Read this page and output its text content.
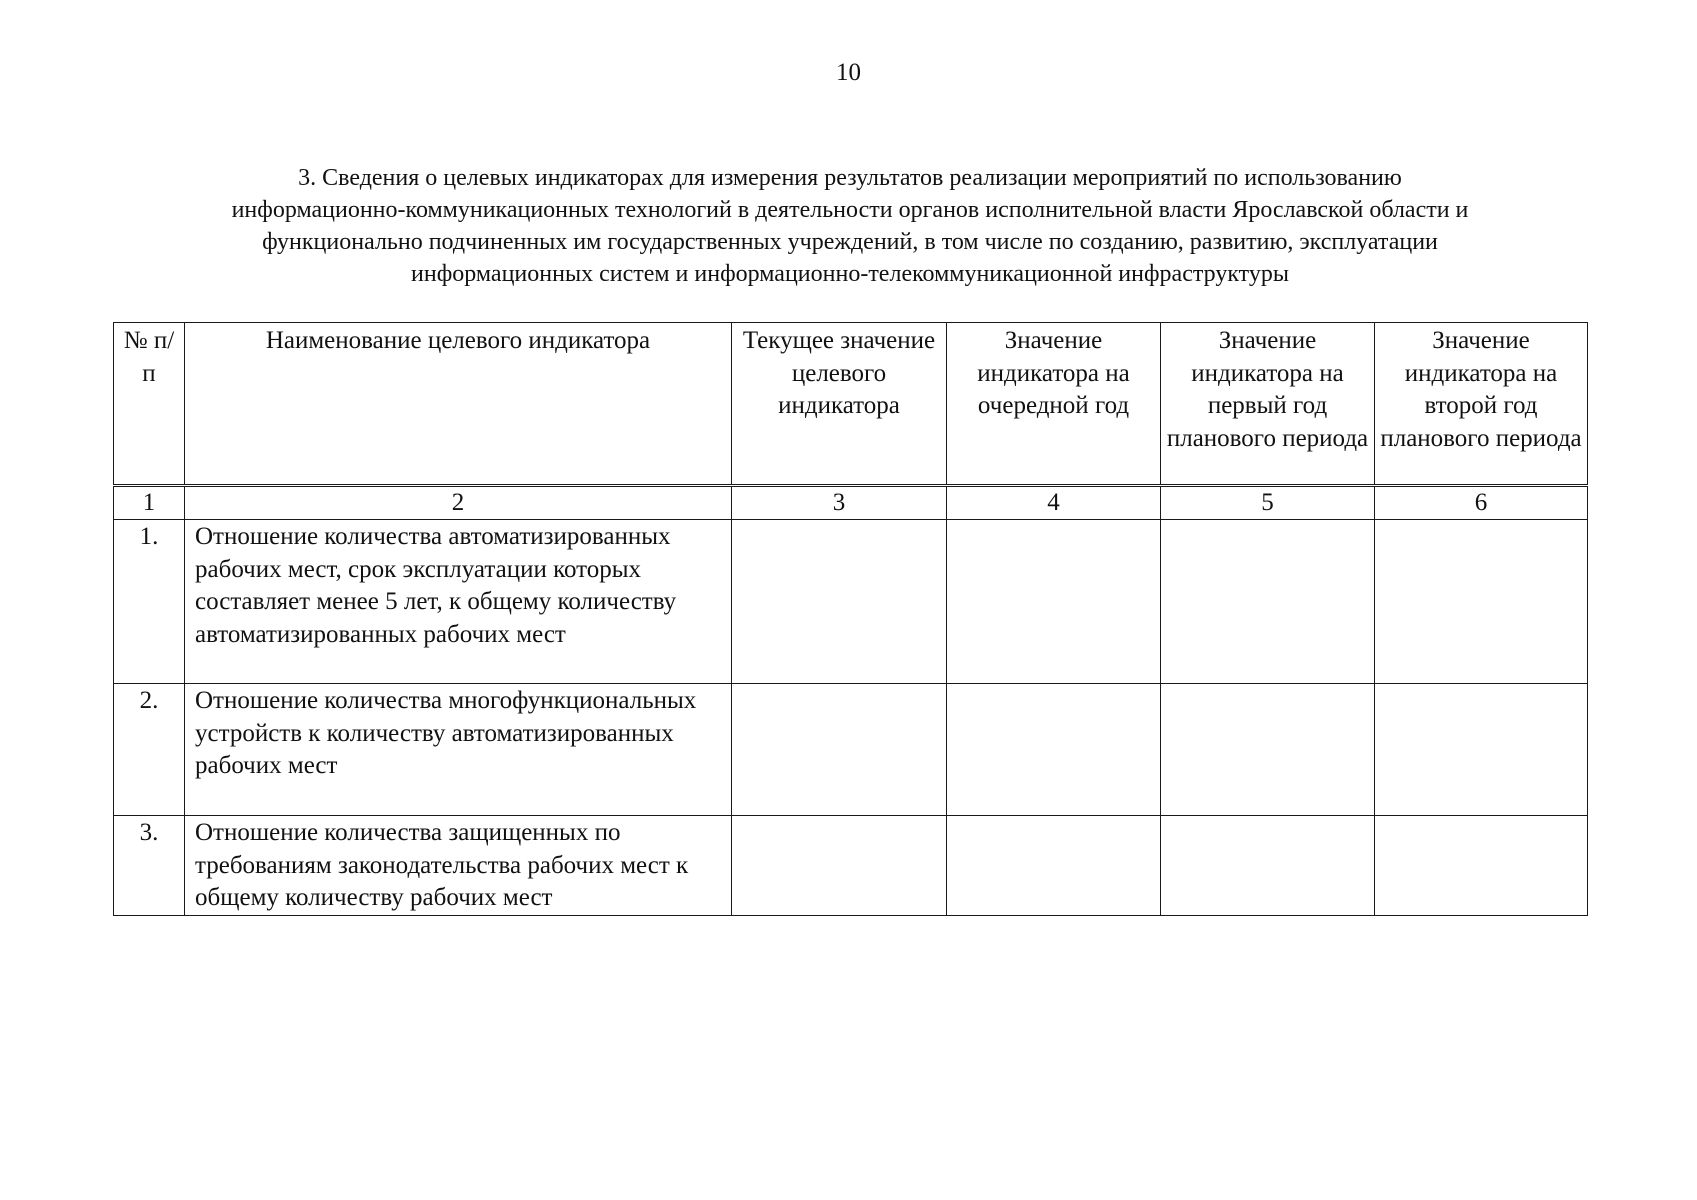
10
3. Сведения о целевых индикаторах для измерения результатов реализации мероприятий по использованию
информационно-коммуникационных технологий в деятельности органов исполнительной власти Ярославской области и
функционально подчиненных им государственных учреждений, в том числе по созданию, развитию, эксплуатации
информационных систем и информационно-телекоммуникационной инфраструктуры
№ п/п	Наименование целевого индикатора	Текущее значение целевого индикатора	Значение индикатора на очередной год	Значение индикатора на первый год планового периода	Значение индикатора на второй год планового периода
1	2	3	4	5	6
1.	Отношение количества автоматизированных рабочих мест, срок эксплуатации которых составляет менее 5 лет, к общему количеству автоматизированных рабочих мест				
2.	Отношение количества многофункциональных устройств к количеству автоматизированных рабочих мест				
3.	Отношение количества защищенных по требованиям законодательства рабочих мест к общему количеству рабочих мест				
